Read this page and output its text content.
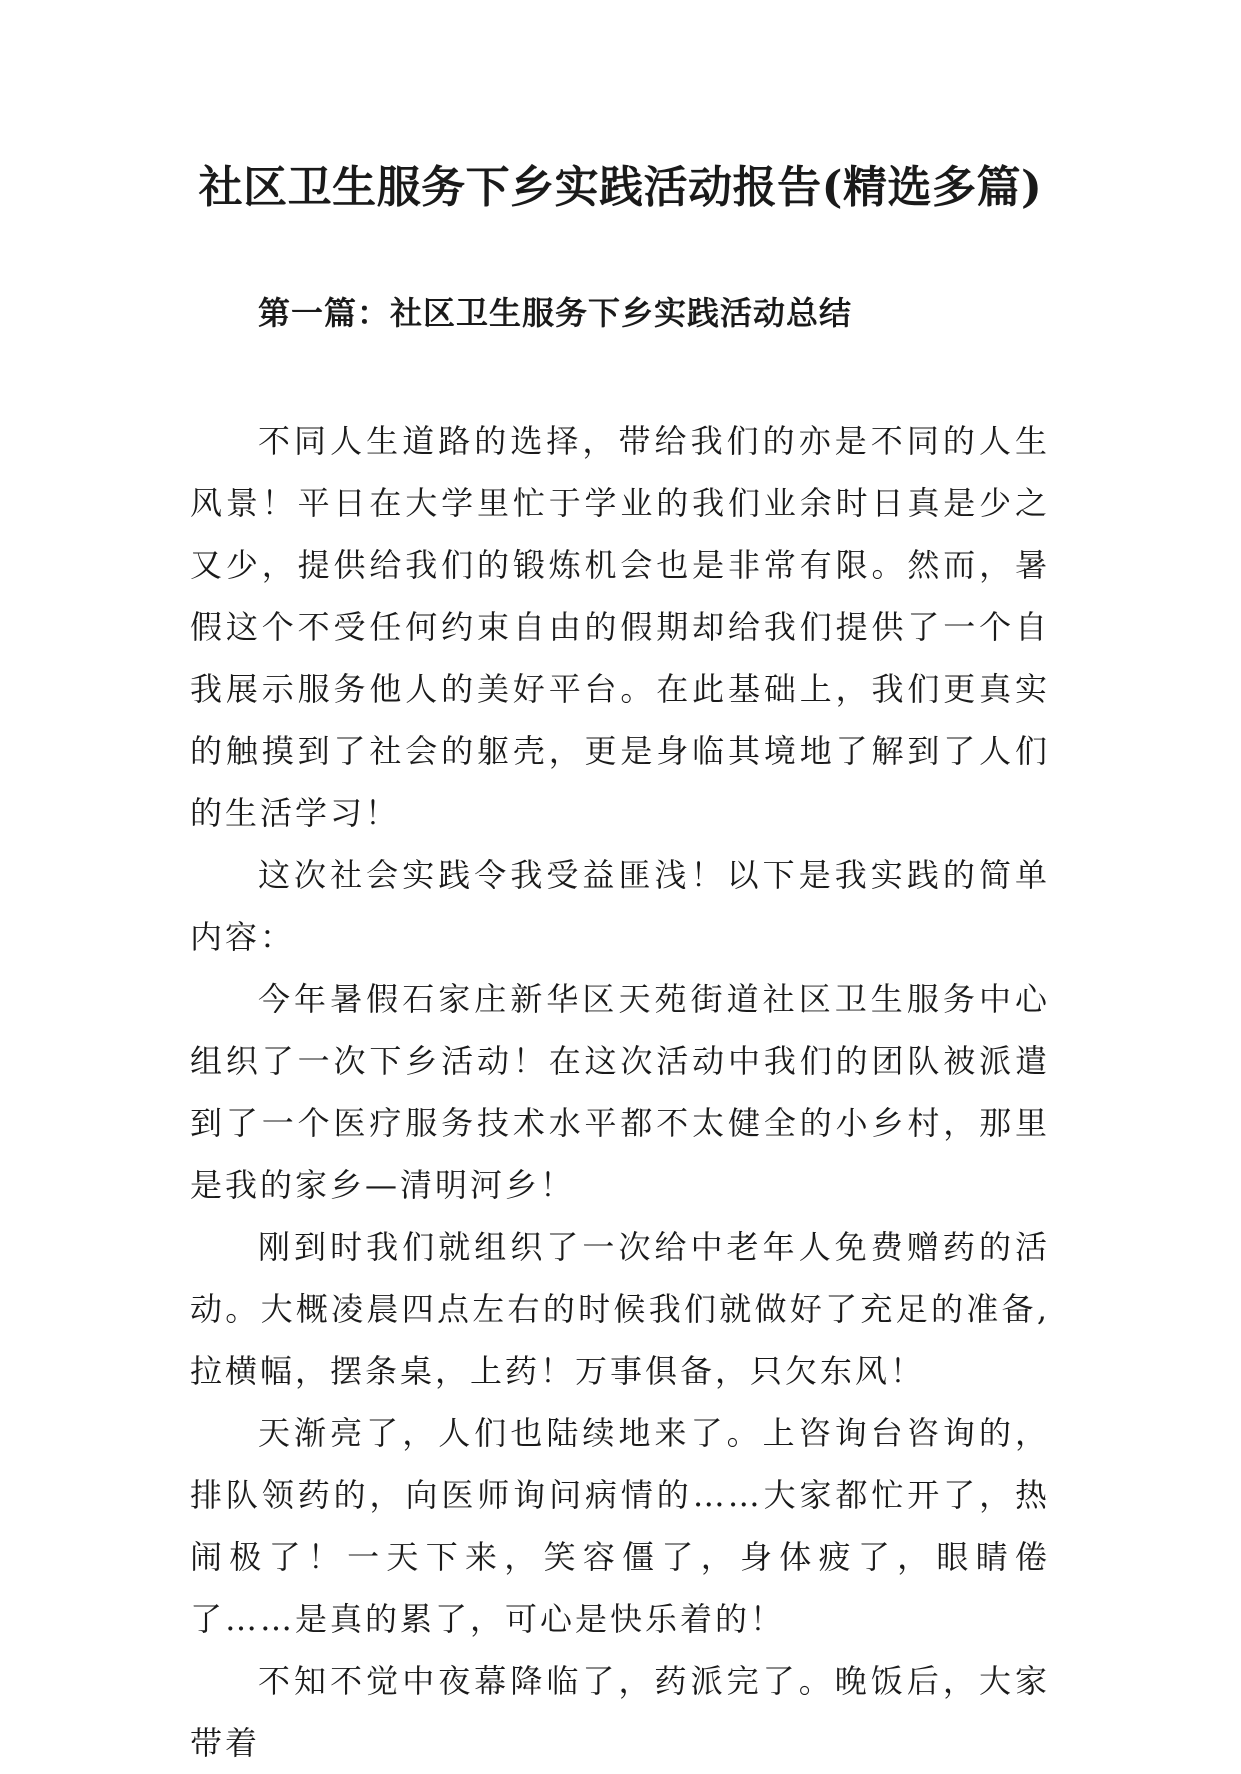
社区卫生服务下乡实践活动报告(精选多篇)
第一篇：社区卫生服务下乡实践活动总结

不同人生道路的选择，带给我们的亦是不同的人生风景！平日在大学里忙于学业的我们业余时日真是少之又少，提供给我们的锻炼机会也是非常有限。然而，暑假这个不受任何约束自由的假期却给我们提供了一个自我展示服务他人的美好平台。在此基础上，我们更真实的触摸到了社会的躯壳，更是身临其境地了解到了人们的生活学习！

这次社会实践令我受益匪浅！以下是我实践的简单内容：

今年暑假石家庄新华区天苑街道社区卫生服务中心组织了一次下乡活动！在这次活动中我们的团队被派遣到了一个医疗服务技术水平都不太健全的小乡村，那里是我的家乡—清明河乡！

刚到时我们就组织了一次给中老年人免费赠药的活动。大概凌晨四点左右的时候我们就做好了充足的准备,拉横幅，摆条桌，上药！万事俱备，只欠东风！

天渐亮了，人们也陆续地来了。上咨询台咨询的，排队领药的，向医师询问病情的……大家都忙开了，热闹极了！一天下来，笑容僵了，身体疲了，眼睛倦了……是真的累了，可心是快乐着的！

不知不觉中夜幕降临了，药派完了。晚饭后，大家带着
